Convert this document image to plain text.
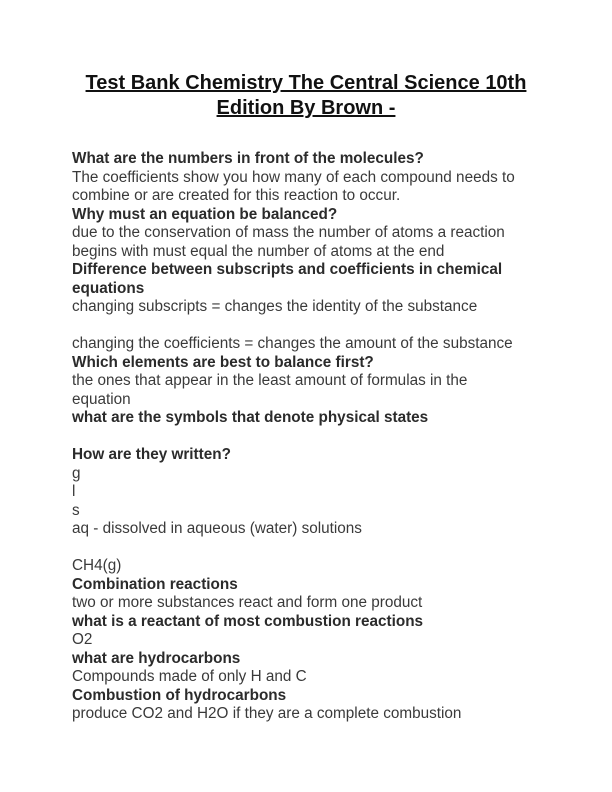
Test Bank Chemistry The Central Science 10th
Edition By Brown -

What are the numbers in front of the molecules?

The coefficients show you how many of each compound needs to

combine or are created for this reaction to occur.

Why must an equation be balanced?

due to the conservation of mass the number of atoms a reaction

begins with must equal the number of atoms at the end

Difference between subscripts and coefficients in chemical

equations

changing subscripts = changes the identity of the substance

changing the coefficients = changes the amount of the substance

Which elements are best to balance first?

the ones that appear in the least amount of formulas in the

equation

what are the symbols that denote physical states

How are they written?

g

l

s

aq - dissolved in aqueous (water) solutions

CH4(g)

Combination reactions

two or more substances react and form one product

what is a reactant of most combustion reactions

O2

what are hydrocarbons

Compounds made of only H and C

Combustion of hydrocarbons

produce CO2 and H2O if they are a complete combustion
